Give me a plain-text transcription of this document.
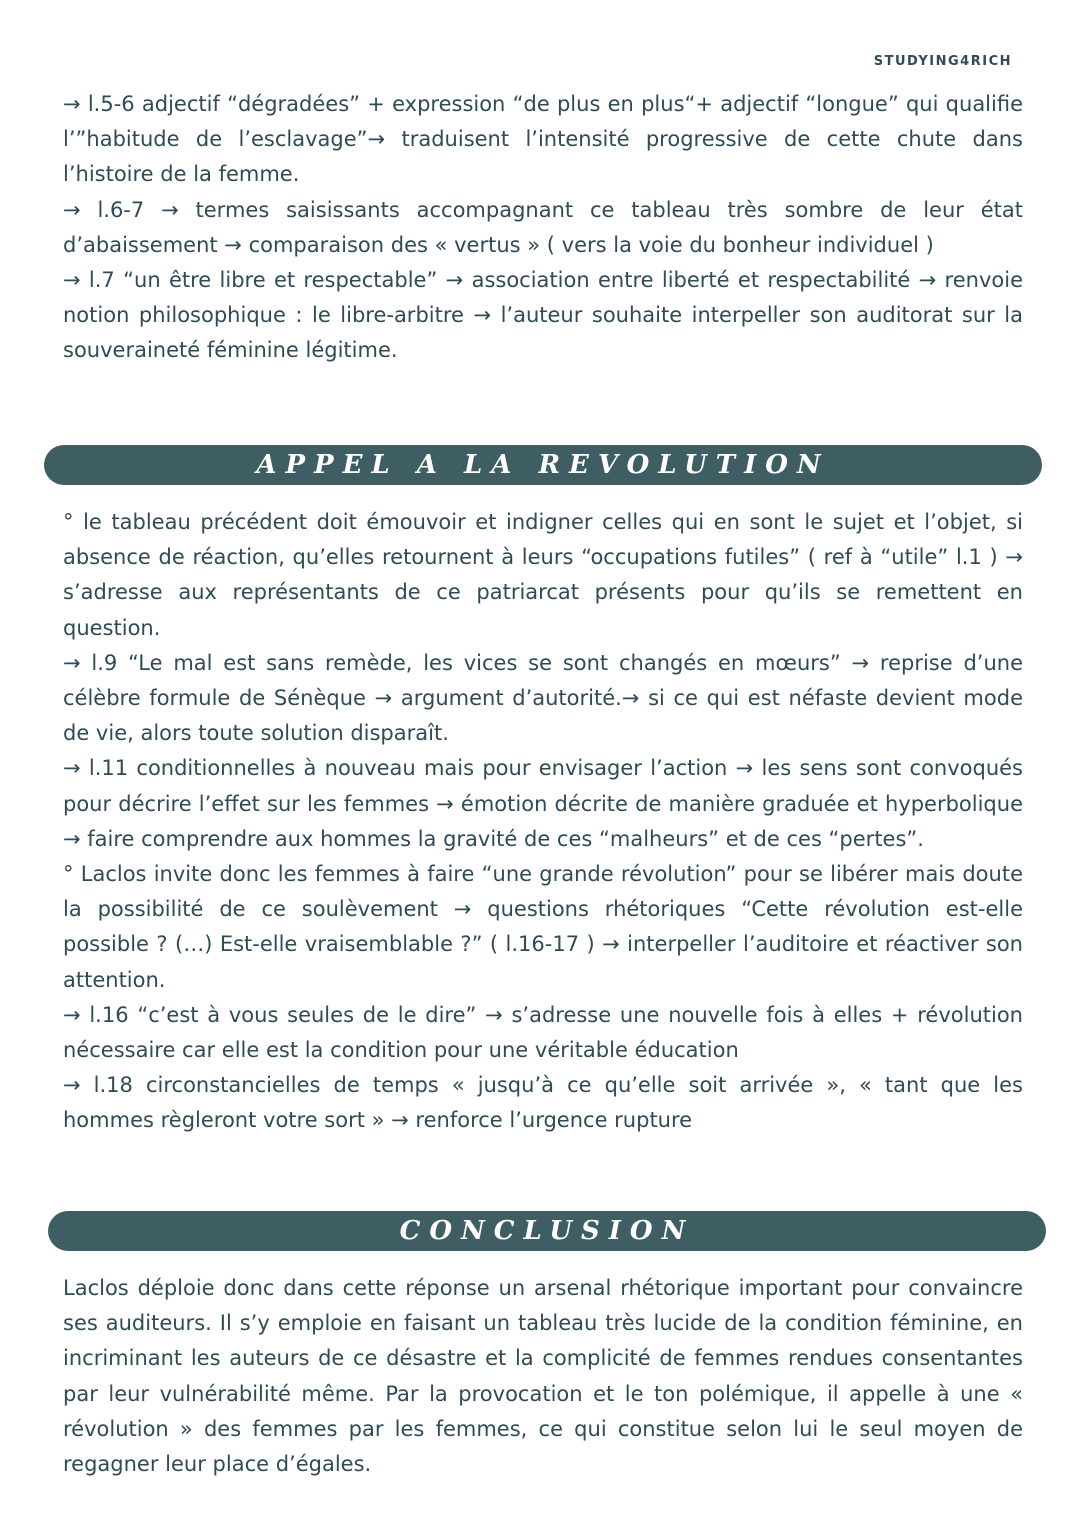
STUDYING4RICH

→ l.5-6 adjectif “dégradées” + expression “de plus en plus“+ adjectif “longue” qui qualifie l’”habitude de l’esclavage”→ traduisent l’intensité progressive de cette chute dans l’histoire de la femme.

→ l.6-7 → termes saisissants accompagnant ce tableau très sombre de leur état d’abaissement → comparaison des « vertus » ( vers la voie du bonheur individuel )

→ l.7 “un être libre et respectable” → association entre liberté et respectabilité → renvoie notion philosophique : le libre-arbitre → l’auteur souhaite interpeller son auditorat sur la souveraineté féminine légitime.

APPEL A LA REVOLUTION

° le tableau précédent doit émouvoir et indigner celles qui en sont le sujet et l’objet, si absence de réaction, qu’elles retournent à leurs “occupations futiles” ( ref à “utile” l.1 ) → s’adresse aux représentants de ce patriarcat présents pour qu’ils se remettent en question.

→ l.9 “Le mal est sans remède, les vices se sont changés en mœurs” → reprise d’une célèbre formule de Sénèque → argument d’autorité.→ si ce qui est néfaste devient mode de vie, alors toute solution disparaît.

→ l.11 conditionnelles à nouveau mais pour envisager l’action → les sens sont convoqués pour décrire l’effet sur les femmes → émotion décrite de manière graduée et hyperbolique → faire comprendre aux hommes la gravité de ces “malheurs” et de ces “pertes”.

° Laclos invite donc les femmes à faire “une grande révolution” pour se libérer mais doute la possibilité de ce soulèvement → questions rhétoriques “Cette révolution est-elle possible ? (…) Est-elle vraisemblable ?” ( l.16-17 ) → interpeller l’auditoire et réactiver son attention.

→ l.16 “c’est à vous seules de le dire” → s’adresse une nouvelle fois à elles + révolution nécessaire car elle est la condition pour une véritable éducation

→ l.18 circonstancielles de temps « jusqu’à ce qu’elle soit arrivée », « tant que les hommes règleront votre sort » → renforce l’urgence rupture

CONCLUSION

Laclos déploie donc dans cette réponse un arsenal rhétorique important pour convaincre ses auditeurs. Il s’y emploie en faisant un tableau très lucide de la condition féminine, en incriminant les auteurs de ce désastre et la complicité de femmes rendues consentantes par leur vulnérabilité même. Par la provocation et le ton polémique, il appelle à une « révolution » des femmes par les femmes, ce qui constitue selon lui le seul moyen de regagner leur place d’égales.
